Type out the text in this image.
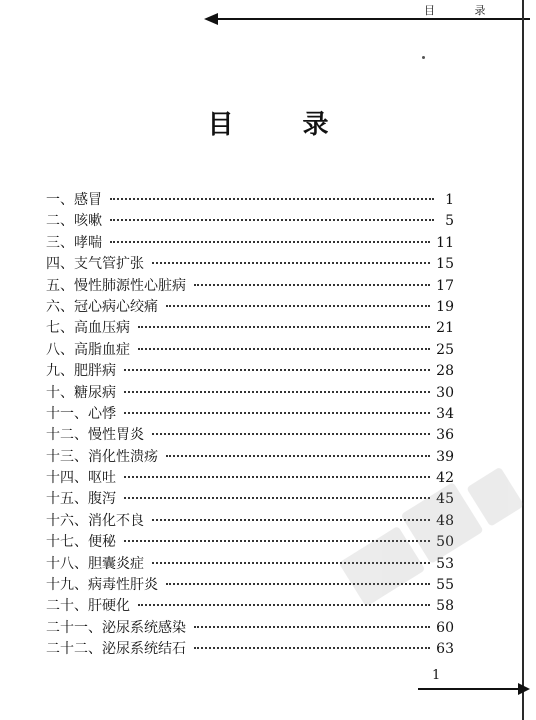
目 录
目 录
一、感冒	1
二、咳嗽	5
三、哮喘	11
四、支气管扩张	15
五、慢性肺源性心脏病	17
六、冠心病心绞痛	19
七、高血压病	21
八、高脂血症	25
九、肥胖病	28
十、糖尿病	30
十一、心悸	34
十二、慢性胃炎	36
十三、消化性溃疡	39
十四、呕吐	42
十五、腹泻	45
十六、消化不良	48
十七、便秘	50
十八、胆囊炎症	53
十九、病毒性肝炎	55
二十、肝硬化	58
二十一、泌尿系统感染	60
二十二、泌尿系统结石	63
1
